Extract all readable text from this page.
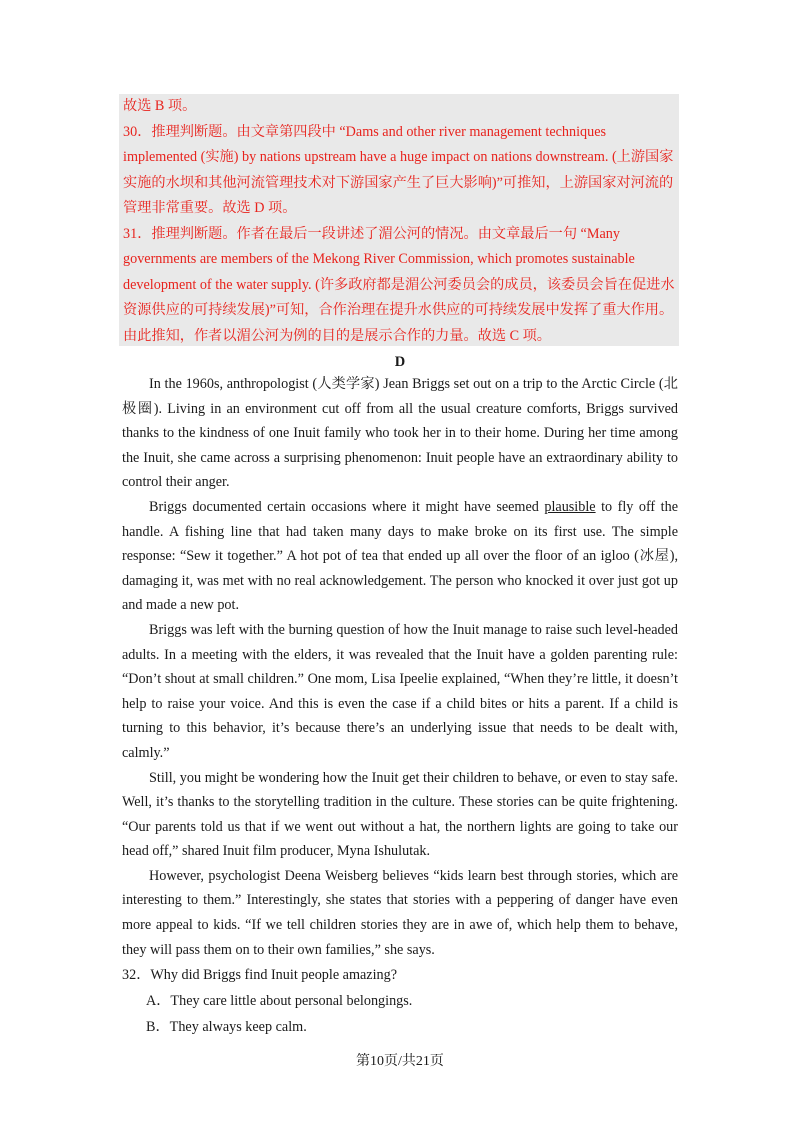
故选 B 项。
30．推理判断题。由文章第四段中 “Dams and other river management techniques
implemented (实施) by nations upstream have a huge impact on nations downstream. (上游国家
实施的水坝和其他河流管理技术对下游国家产生了巨大影响)”可推知，上游国家对河流的
管理非常重要。故选 D 项。
31．推理判断题。作者在最后一段讲述了湄公河的情况。由文章最后一句 “Many
governments are members of the Mekong River Commission, which promotes sustainable
development of the water supply. (许多政府都是湄公河委员会的成员，该委员会旨在促进水
资源供应的可持续发展)”可知，合作治理在提升水供应的可持续发展中发挥了重大作用。
由此推知，作者以湄公河为例的目的是展示合作的力量。故选 C 项。

D
In the 1960s, anthropologist (人类学家) Jean Briggs set out on a trip to the Arctic Circle (北
极圈). Living in an environment cut off from all the usual creature comforts, Briggs survived
thanks to the kindness of one Inuit family who took her in to their home. During her time among
the Inuit, she came across a surprising phenomenon: Inuit people have an extraordinary ability to
control their anger.
Briggs documented certain occasions where it might have seemed plausible to fly off the
handle. A fishing line that had taken many days to make broke on its first use. The simple
response: “Sew it together.” A hot pot of tea that ended up all over the floor of an igloo (冰屋),
damaging it, was met with no real acknowledgement. The person who knocked it over just got up
and made a new pot.
Briggs was left with the burning question of how the Inuit manage to raise such level-headed
adults. In a meeting with the elders, it was revealed that the Inuit have a golden parenting rule:
“Don’t shout at small children.” One mom, Lisa Ipeelie explained, “When they’re little, it doesn’t
help to raise your voice. And this is even the case if a child bites or hits a parent. If a child is
turning to this behavior, it’s because there’s an underlying issue that needs to be dealt with,
calmly.”
Still, you might be wondering how the Inuit get their children to behave, or even to stay safe.
Well, it’s thanks to the storytelling tradition in the culture. These stories can be quite frightening.
“Our parents told us that if we went out without a hat, the northern lights are going to take our
head off,” shared Inuit film producer, Myna Ishulutak.
However, psychologist Deena Weisberg believes “kids learn best through stories, which are
interesting to them.” Interestingly, she states that stories with a peppering of danger have even
more appeal to kids. “If we tell children stories they are in awe of, which help them to behave,
they will pass them on to their own families,” she says.
32．Why did Briggs find Inuit people amazing?
A．They care little about personal belongings.
B．They always keep calm.
第10页/共21页
